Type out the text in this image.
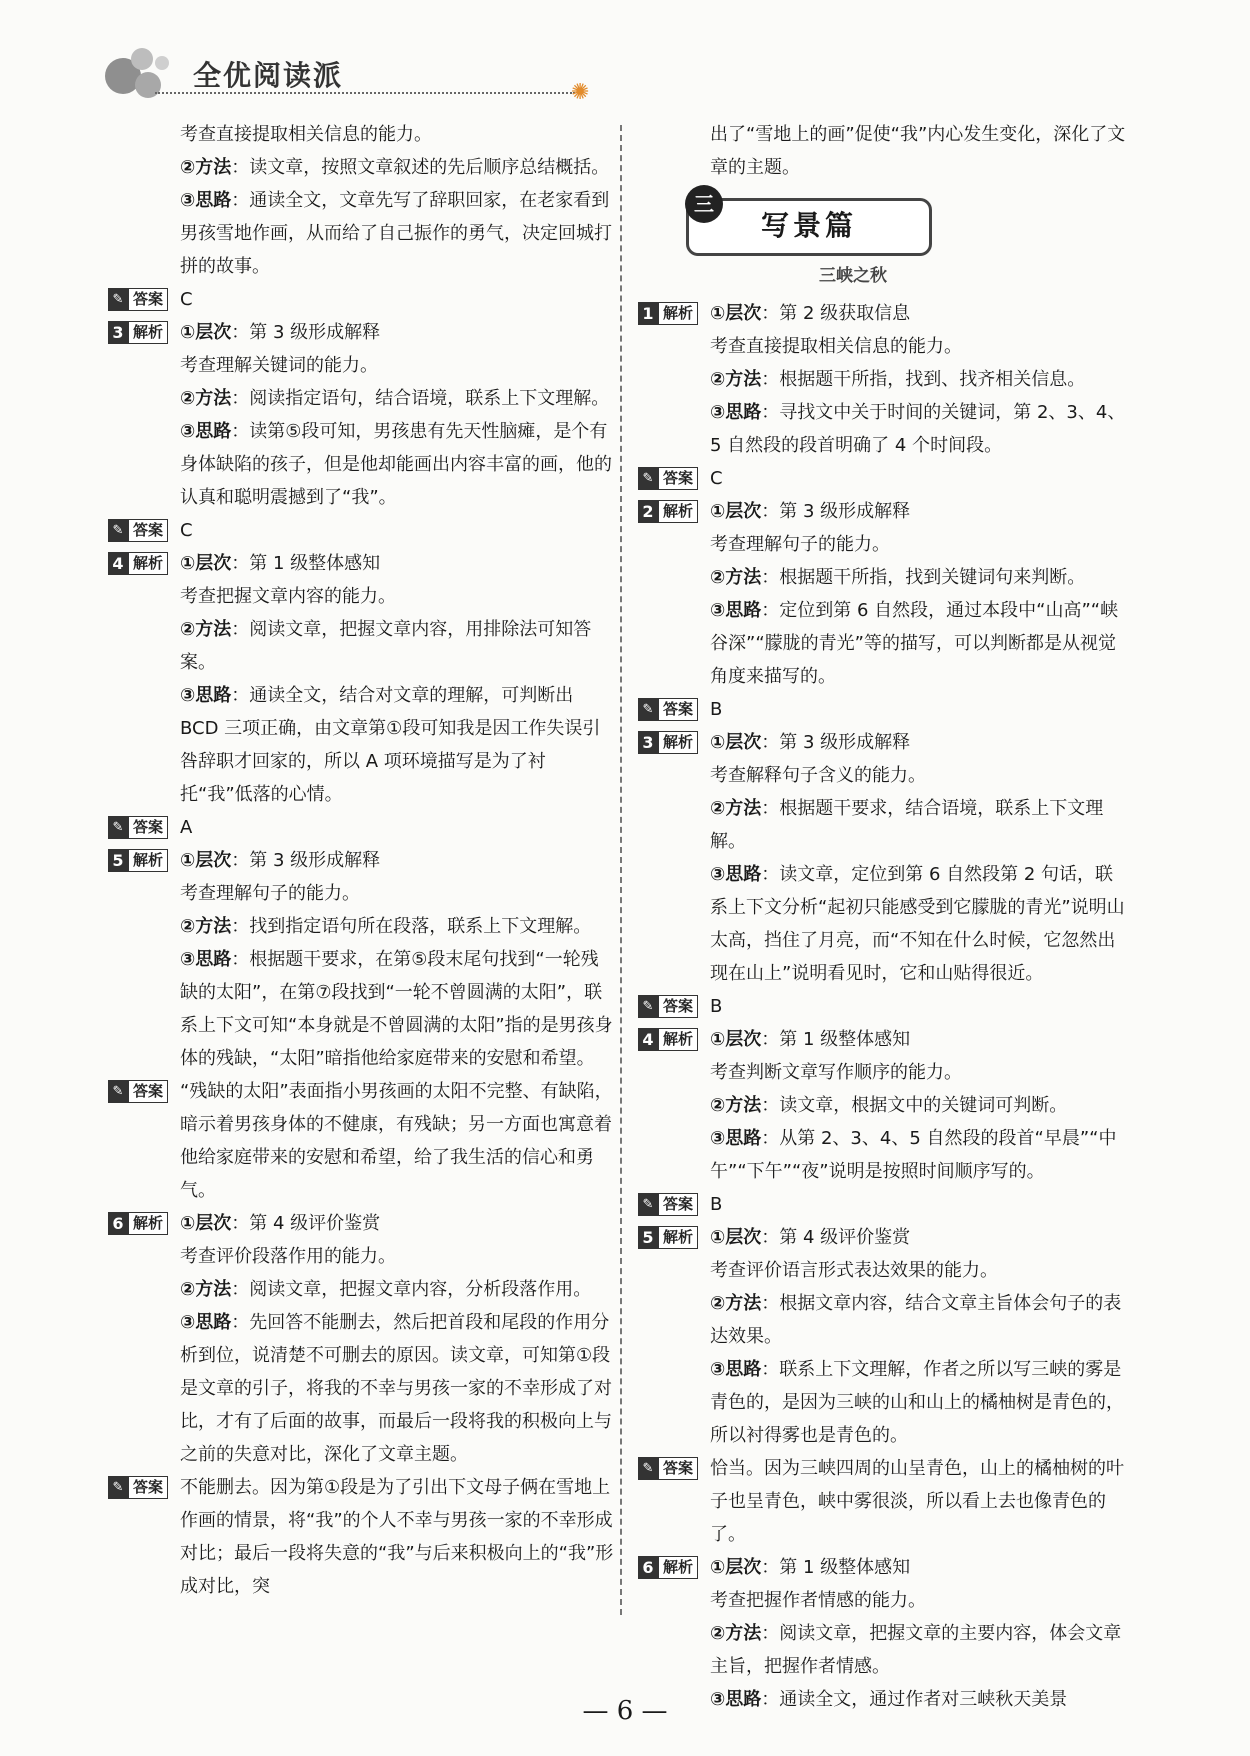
全优阅读派
✺
考查直接提取相关信息的能力。
②方法：读文章，按照文章叙述的先后顺序总结概括。
③思路：通读全文，文章先写了辞职回家，在老家看到男孩雪地作画，从而给了自己振作的勇气，决定回城打拼的故事。
✎ 答案 C
3 解析 ①层次：第 3 级形成解释
考查理解关键词的能力。
②方法：阅读指定语句，结合语境，联系上下文理解。
③思路：读第⑤段可知，男孩患有先天性脑瘫，是个有身体缺陷的孩子，但是他却能画出内容丰富的画，他的认真和聪明震撼到了“我”。
✎ 答案 C
4 解析 ①层次：第 1 级整体感知
考查把握文章内容的能力。
②方法：阅读文章，把握文章内容，用排除法可知答案。
③思路：通读全文，结合对文章的理解，可判断出 BCD 三项正确，由文章第①段可知我是因工作失误引咎辞职才回家的，所以 A 项环境描写是为了衬托“我”低落的心情。
✎ 答案 A
5 解析 ①层次：第 3 级形成解释
考查理解句子的能力。
②方法：找到指定语句所在段落，联系上下文理解。
③思路：根据题干要求，在第⑤段末尾句找到“一轮残缺的太阳”，在第⑦段找到“一轮不曾圆满的太阳”，联系上下文可知“本身就是不曾圆满的太阳”指的是男孩身体的残缺，“太阳”暗指他给家庭带来的安慰和希望。
✎ 答案 “残缺的太阳”表面指小男孩画的太阳不完整、有缺陷，暗示着男孩身体的不健康，有残缺；另一方面也寓意着他给家庭带来的安慰和希望，给了我生活的信心和勇气。
6 解析 ①层次：第 4 级评价鉴赏
考查评价段落作用的能力。
②方法：阅读文章，把握文章内容，分析段落作用。
③思路：先回答不能删去，然后把首段和尾段的作用分析到位，说清楚不可删去的原因。读文章，可知第①段是文章的引子，将我的不幸与男孩一家的不幸形成了对比，才有了后面的故事，而最后一段将我的积极向上与之前的失意对比，深化了文章主题。
✎ 答案 不能删去。因为第①段是为了引出下文母子俩在雪地上作画的情景，将“我”的个人不幸与男孩一家的不幸形成对比；最后一段将失意的“我”与后来积极向上的“我”形成对比，突
出了“雪地上的画”促使“我”内心发生变化，深化了文章的主题。
三
写景篇
三峡之秋
1 解析 ①层次：第 2 级获取信息
考查直接提取相关信息的能力。
②方法：根据题干所指，找到、找齐相关信息。
③思路：寻找文中关于时间的关键词，第 2、3、4、5 自然段的段首明确了 4 个时间段。
✎ 答案 C
2 解析 ①层次：第 3 级形成解释
考查理解句子的能力。
②方法：根据题干所指，找到关键词句来判断。
③思路：定位到第 6 自然段，通过本段中“山高”“峡谷深”“朦胧的青光”等的描写，可以判断都是从视觉角度来描写的。
✎ 答案 B
3 解析 ①层次：第 3 级形成解释
考查解释句子含义的能力。
②方法：根据题干要求，结合语境，联系上下文理解。
③思路：读文章，定位到第 6 自然段第 2 句话，联系上下文分析“起初只能感受到它朦胧的青光”说明山太高，挡住了月亮，而“不知在什么时候，它忽然出现在山上”说明看见时，它和山贴得很近。
✎ 答案 B
4 解析 ①层次：第 1 级整体感知
考查判断文章写作顺序的能力。
②方法：读文章，根据文中的关键词可判断。
③思路：从第 2、3、4、5 自然段的段首“早晨”“中午”“下午”“夜”说明是按照时间顺序写的。
✎ 答案 B
5 解析 ①层次：第 4 级评价鉴赏
考查评价语言形式表达效果的能力。
②方法：根据文章内容，结合文章主旨体会句子的表达效果。
③思路：联系上下文理解，作者之所以写三峡的雾是青色的，是因为三峡的山和山上的橘柚树是青色的，所以衬得雾也是青色的。
✎ 答案 恰当。因为三峡四周的山呈青色，山上的橘柚树的叶子也呈青色，峡中雾很淡，所以看上去也像青色的了。
6 解析 ①层次：第 1 级整体感知
考查把握作者情感的能力。
②方法：阅读文章，把握文章的主要内容，体会文章主旨，把握作者情感。
③思路：通读全文，通过作者对三峡秋天美景
— 6 —
